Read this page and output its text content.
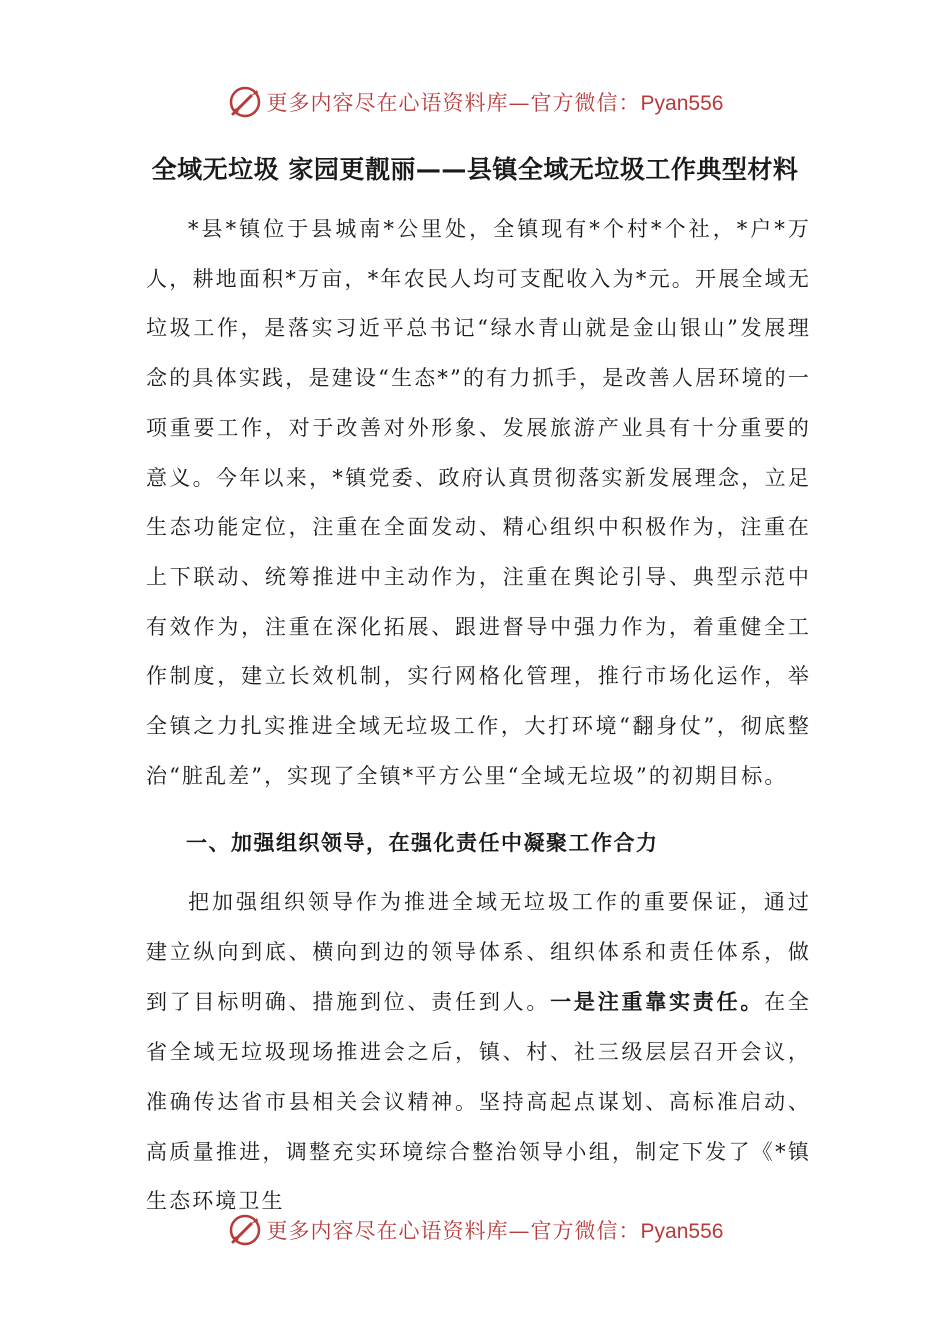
更多内容尽在心语资料库—官方微信：Pyan556
全域无垃圾 家园更靓丽——县镇全域无垃圾工作典型材料
*县*镇位于县城南*公里处，全镇现有*个村*个社，*户*万人，耕地面积*万亩，*年农民人均可支配收入为*元。开展全域无垃圾工作，是落实习近平总书记“绿水青山就是金山银山”发展理念的具体实践，是建设“生态*”的有力抓手，是改善人居环境的一项重要工作，对于改善对外形象、发展旅游产业具有十分重要的意义。今年以来，*镇党委、政府认真贯彻落实新发展理念，立足生态功能定位，注重在全面发动、精心组织中积极作为，注重在上下联动、统筹推进中主动作为，注重在舆论引导、典型示范中有效作为，注重在深化拓展、跟进督导中强力作为，着重健全工作制度，建立长效机制，实行网格化管理，推行市场化运作，举全镇之力扎实推进全域无垃圾工作，大打环境“翻身仗”，彻底整治“脏乱差”，实现了全镇*平方公里“全域无垃圾”的初期目标。
一、加强组织领导，在强化责任中凝聚工作合力
把加强组织领导作为推进全域无垃圾工作的重要保证，通过建立纵向到底、横向到边的领导体系、组织体系和责任体系，做到了目标明确、措施到位、责任到人。一是注重靠实责任。在全省全域无垃圾现场推进会之后，镇、村、社三级层层召开会议，准确传达省市县相关会议精神。坚持高起点谋划、高标准启动、高质量推进，调整充实环境综合整治领导小组，制定下发了《*镇生态环境卫生
更多内容尽在心语资料库—官方微信：Pyan556
